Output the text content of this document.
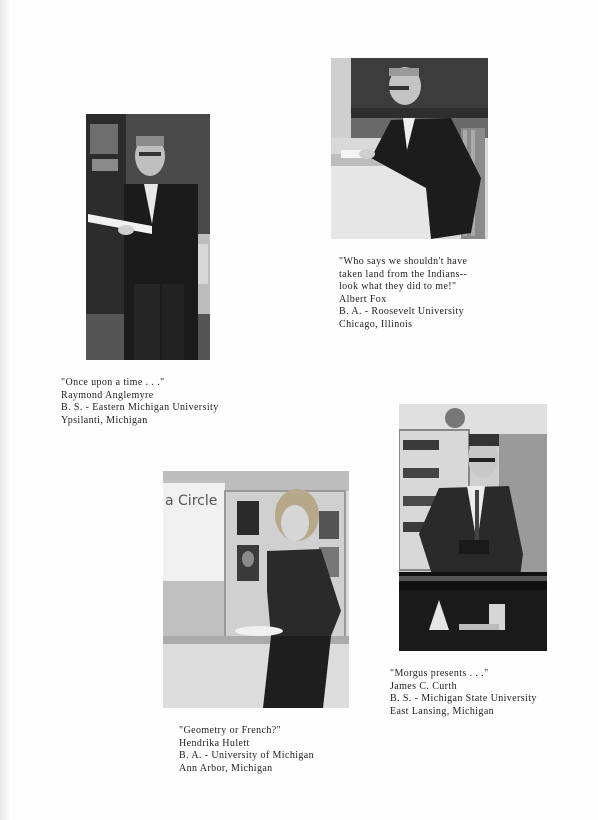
a Circle
"Once upon a time . . ."
Raymond Anglemyre
B. S. - Eastern Michigan University
Ypsilanti, Michigan
"Who says we shouldn't have
taken land from the Indians--
look what they did to me!"
Albert Fox
B. A. - Roosevelt University
Chicago, Illinois
"Geometry or French?"
Hendrika Hulett
B. A. - University of Michigan
Ann Arbor, Michigan
"Morgus presents . . ."
James C. Curth
B. S. - Michigan State University
East Lansing, Michigan
